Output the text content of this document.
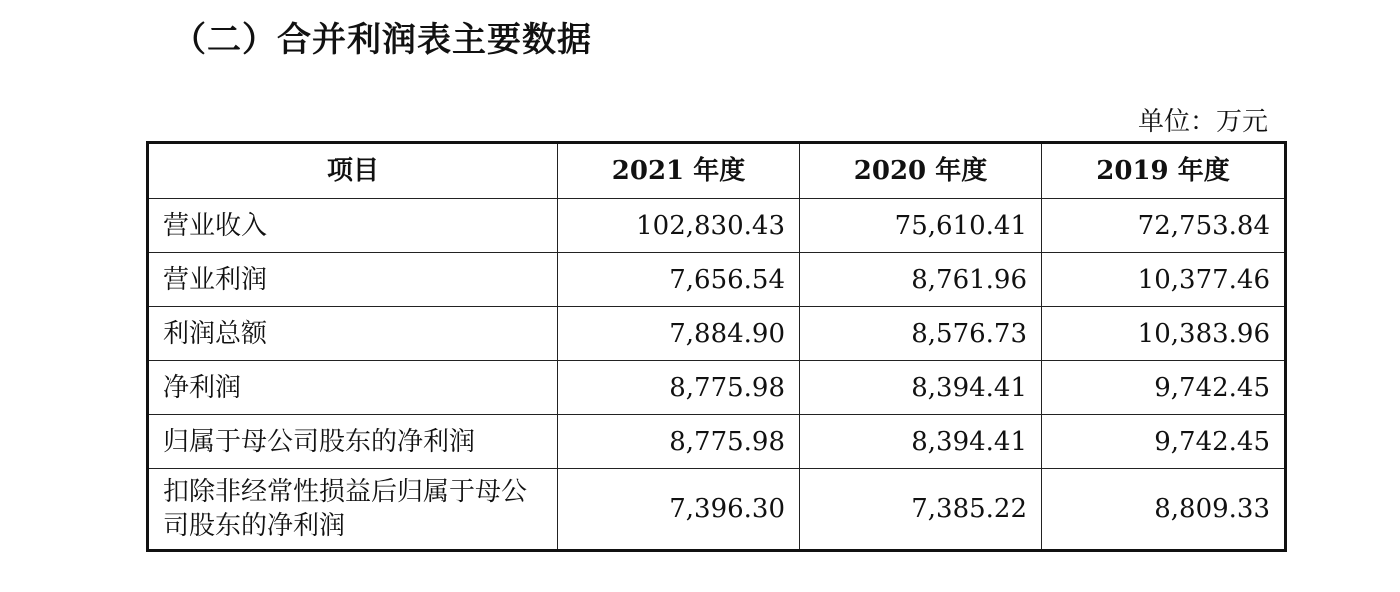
（二）合并利润表主要数据
单位：万元
项目	2021 年度	2020 年度	2019 年度
营业收入	102,830.43	75,610.41	72,753.84
营业利润	7,656.54	8,761.96	10,377.46
利润总额	7,884.90	8,576.73	10,383.96
净利润	8,775.98	8,394.41	9,742.45
归属于母公司股东的净利润	8,775.98	8,394.41	9,742.45
扣除非经常性损益后归属于母公司股东的净利润	7,396.30	7,385.22	8,809.33
